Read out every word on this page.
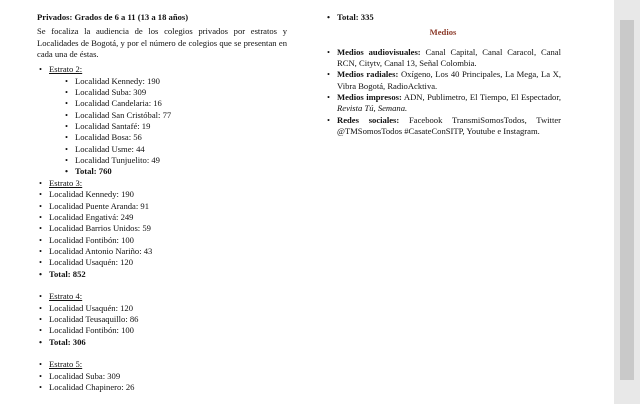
Privados: Grados de 6 a 11 (13 a 18 años)

Se focaliza la audiencia de los colegios privados por estratos y Localidades de Bogotá, y por el número de colegios que se presentan en cada una de éstas.

• Estrato 2:
• Localidad Kennedy: 190
• Localidad Suba: 309
• Localidad Candelaria: 16
• Localidad San Cristóbal: 77
• Localidad Santafé: 19
• Localidad Bosa: 56
• Localidad Usme: 44
• Localidad Tunjuelito: 49
• Total: 760
• Estrato 3:
• Localidad Kennedy: 190
• Localidad Puente Aranda: 91
• Localidad Engativá: 249
• Localidad Barrios Unidos: 59
• Localidad Fontibón: 100
• Localidad Antonio Nariño: 43
• Localidad Usaquén: 120
• Total: 852
• Estrato 4:
• Localidad Usaquén: 120
• Localidad Teusaquillo: 86
• Localidad Fontibón: 100
• Total: 306
• Estrato 5:
• Localidad Suba: 309
• Localidad Chapinero: 26
• Total: 335
Medios
• Medios audiovisuales: Canal Capital, Canal Caracol, Canal RCN, Citytv, Canal 13, Señal Colombia.
• Medios radiales: Oxígeno, Los 40 Principales, La Mega, La X, Vibra Bogotá, RadioAcktiva.
• Medios impresos: ADN, Publimetro, El Tiempo, El Espectador, Revista Tú, Semana.
• Redes sociales: Facebook TransmiSomosTodos, Twitter @TMSomosTodos #CasateConSITP, Youtube e Instagram.
